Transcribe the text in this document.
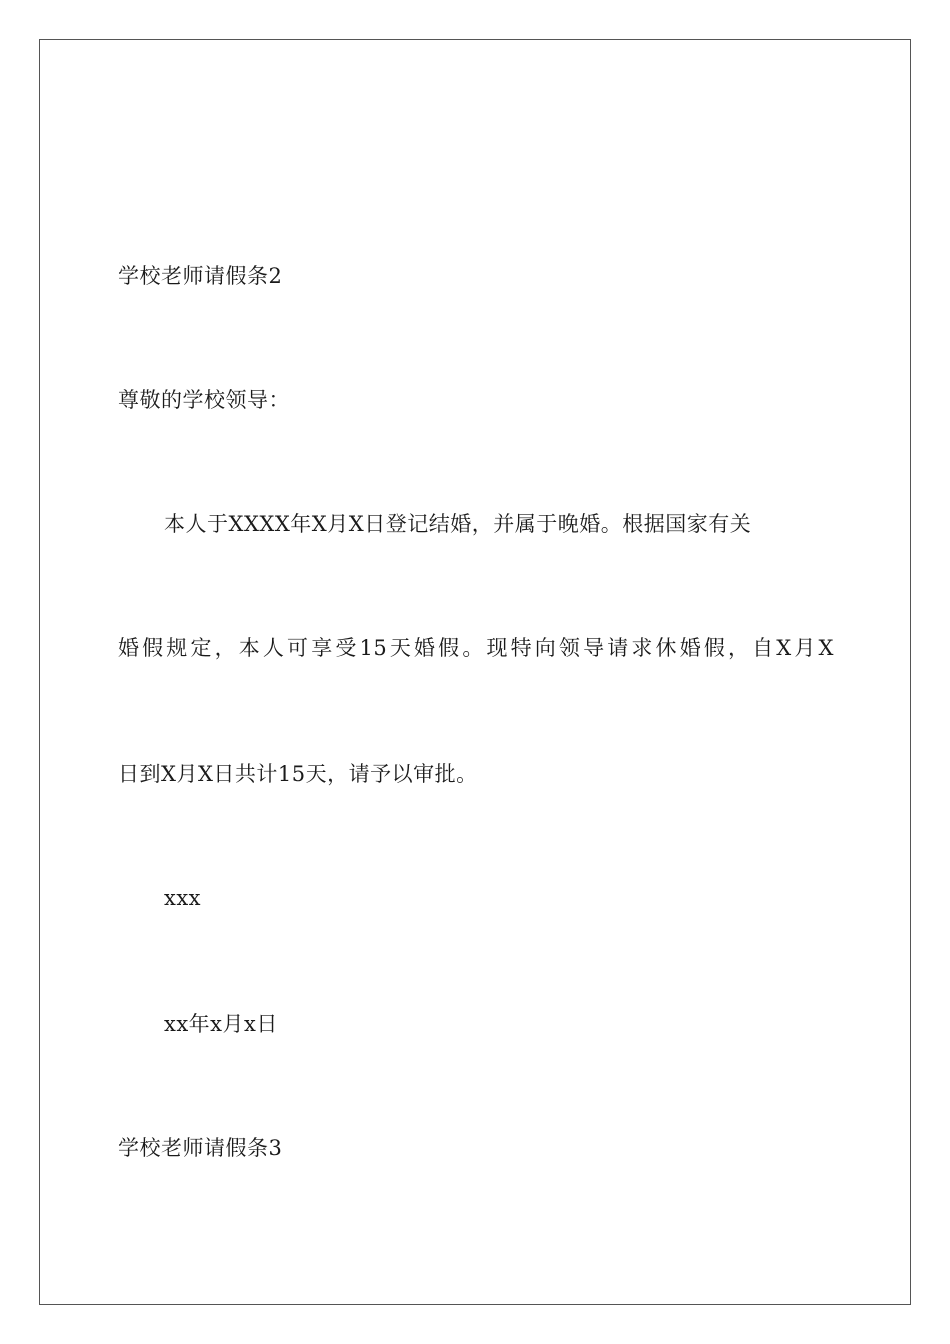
学校老师请假条2
尊敬的学校领导：
本人于XXXX年X月X日登记结婚，并属于晚婚。根据国家有关
婚假规定，本人可享受15天婚假。现特向领导请求休婚假，自X月X
日到X月X日共计15天，请予以审批。
xxx
xx年x月x日
学校老师请假条3
